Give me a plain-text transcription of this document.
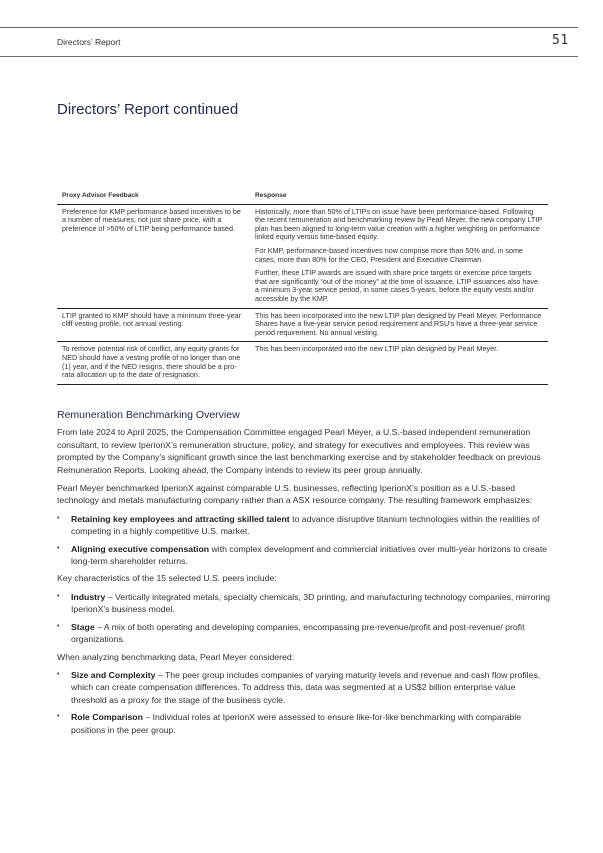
Directors’ Report	51
Directors’ Report continued
Proxy Advisor Feedback	Response
Preference for KMP performance based incentives to be a number of measures, not just share price, with a preference of >50% of LTIP being performance based.	Historically, more than 50% of LTIPs on issue have been performance-based. Following the recent remuneration and benchmarking review by Pearl Meyer, the new company LTIP plan has been aligned to long-term value creation with a higher weighting on performance linked equity versus time-based equity.

For KMP, performance-based incentives now comprise more than 50% and, in some cases, more than 80% for the CEO, President and Executive Chairman.

Further, these LTIP awards are issued with share price targets or exercise price targets that are significantly “out of the money” at the time of issuance. LTIP issuances also have a minimum 3-year service period, in some cases 5-years, before the equity vests and/or accessible by the KMP.

LTIP granted to KMP should have a minimum three-year cliff vesting profile, not annual vesting.	This has been incorporated into the new LTIP plan designed by Pearl Meyer. Performance Shares have a five-year service period requirement and RSU’s have a three-year service period requirement. No annual vesting.

To remove potential risk of conflict, any equity grants for NED should have a vesting profile of no longer than one (1) year, and if the NED resigns, there should be a pro-rata allocation up to the date of resignation.	This has been incorporated into the new LTIP plan designed by Pearl Meyer.

Remuneration Benchmarking Overview

From late 2024 to April 2025, the Compensation Committee engaged Pearl Meyer, a U.S.-based independent remuneration consultant, to review IperionX’s remuneration structure, policy, and strategy for executives and employees. This review was prompted by the Company’s significant growth since the last benchmarking exercise and by stakeholder feedback on previous Remuneration Reports. Looking ahead, the Company intends to review its peer group annually.

Pearl Meyer benchmarked IperionX against comparable U.S. businesses, reflecting IperionX’s position as a U.S.-based technology and metals manufacturing company rather than a ASX resource company. The resulting framework emphasizes:

• Retaining key employees and attracting skilled talent to advance disruptive titanium technologies within the realities of competing in a highly competitive U.S. market.
• Aligning executive compensation with complex development and commercial initiatives over multi-year horizons to create long-term shareholder returns.

Key characteristics of the 15 selected U.S. peers include:

• Industry – Vertically integrated metals, specialty chemicals, 3D printing, and manufacturing technology companies, mirroring IperionX’s business model.
• Stage – A mix of both operating and developing companies, encompassing pre-revenue/profit and post-revenue/ profit organizations.

When analyzing benchmarking data, Pearl Meyer considered:

• Size and Complexity – The peer group includes companies of varying maturity levels and revenue and cash flow profiles, which can create compensation differences. To address this, data was segmented at a US$2 billion enterprise value threshold as a proxy for the stage of the business cycle.
• Role Comparison – Individual roles at IperionX were assessed to ensure like-for-like benchmarking with comparable positions in the peer group.
